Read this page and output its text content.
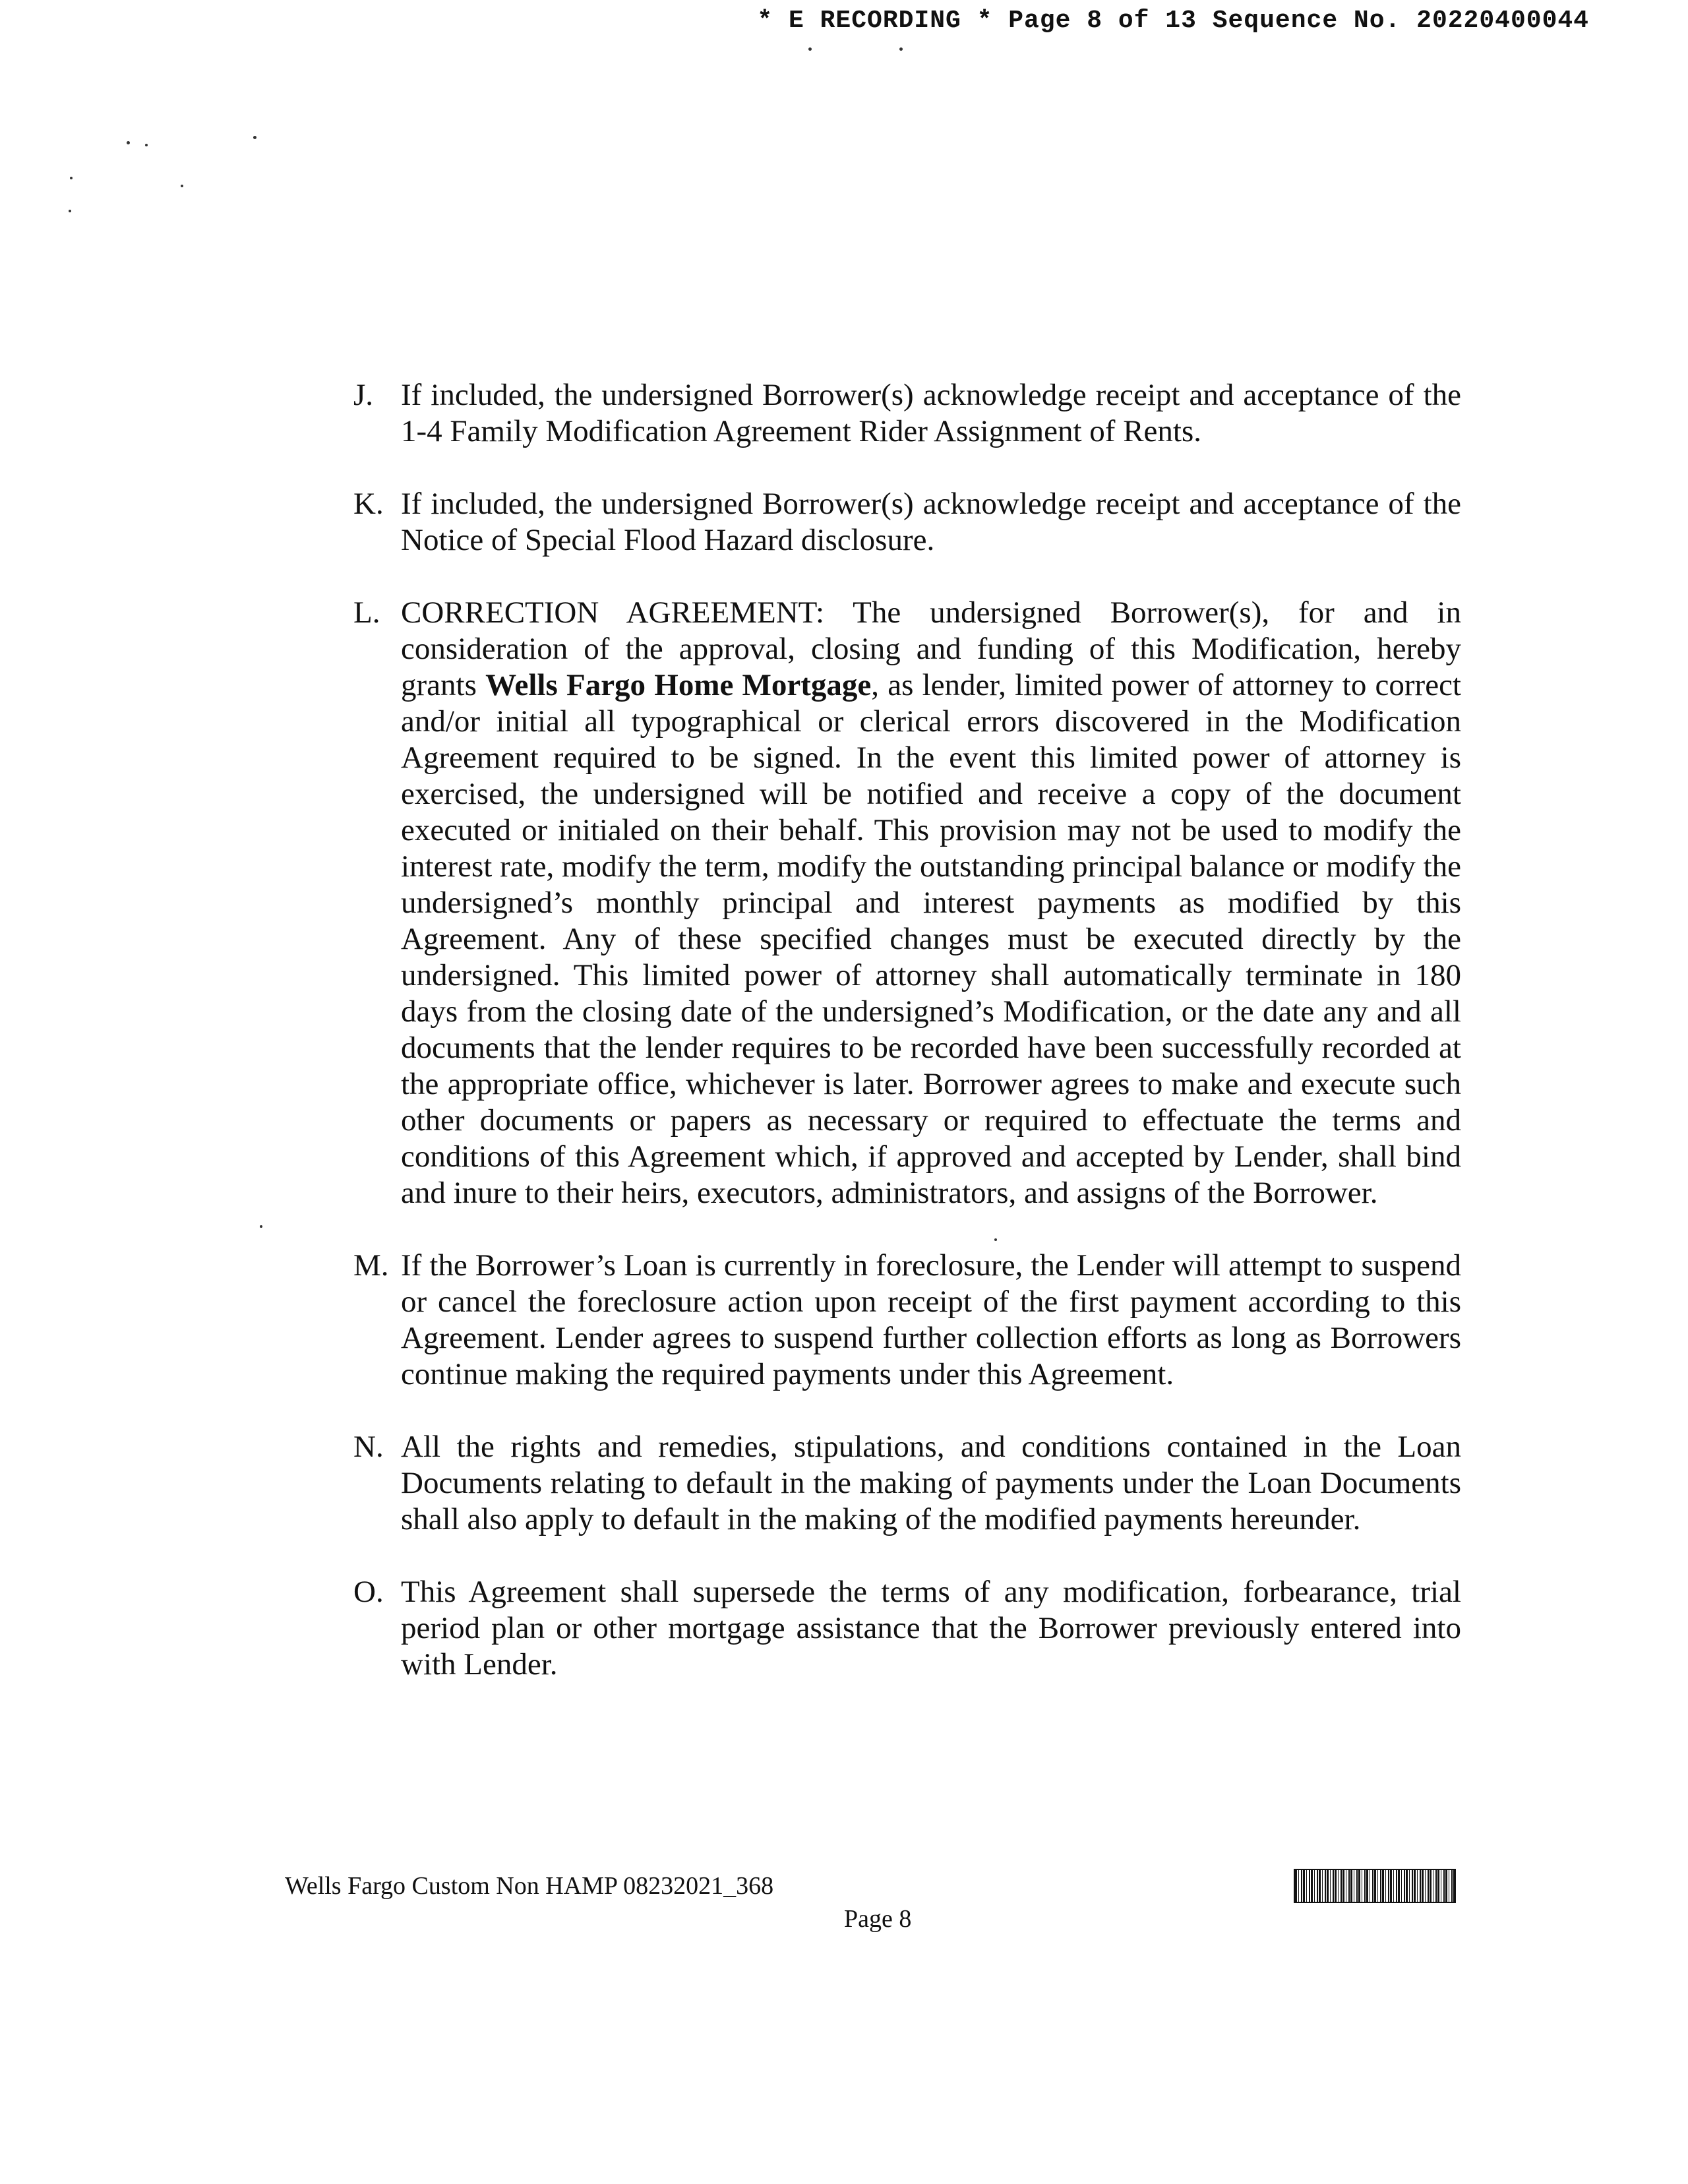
* E RECORDING * Page 8 of 13 Sequence No. 20220400044
J. If included, the undersigned Borrower(s) acknowledge receipt and acceptance of the 1-4 Family Modification Agreement Rider Assignment of Rents.
K. If included, the undersigned Borrower(s) acknowledge receipt and acceptance of the Notice of Special Flood Hazard disclosure.
L. CORRECTION AGREEMENT: The undersigned Borrower(s), for and in consideration of the approval, closing and funding of this Modification, hereby grants Wells Fargo Home Mortgage, as lender, limited power of attorney to correct and/or initial all typographical or clerical errors discovered in the Modification Agreement required to be signed. In the event this limited power of attorney is exercised, the undersigned will be notified and receive a copy of the document executed or initialed on their behalf. This provision may not be used to modify the interest rate, modify the term, modify the outstanding principal balance or modify the undersigned’s monthly principal and interest payments as modified by this Agreement. Any of these specified changes must be executed directly by the undersigned. This limited power of attorney shall automatically terminate in 180 days from the closing date of the undersigned’s Modification, or the date any and all documents that the lender requires to be recorded have been successfully recorded at the appropriate office, whichever is later. Borrower agrees to make and execute such other documents or papers as necessary or required to effectuate the terms and conditions of this Agreement which, if approved and accepted by Lender, shall bind and inure to their heirs, executors, administrators, and assigns of the Borrower.
M. If the Borrower’s Loan is currently in foreclosure, the Lender will attempt to suspend or cancel the foreclosure action upon receipt of the first payment according to this Agreement. Lender agrees to suspend further collection efforts as long as Borrowers continue making the required payments under this Agreement.
N. All the rights and remedies, stipulations, and conditions contained in the Loan Documents relating to default in the making of payments under the Loan Documents shall also apply to default in the making of the modified payments hereunder.
O. This Agreement shall supersede the terms of any modification, forbearance, trial period plan or other mortgage assistance that the Borrower previously entered into with Lender.
Wells Fargo Custom Non HAMP 08232021_368
Page 8
